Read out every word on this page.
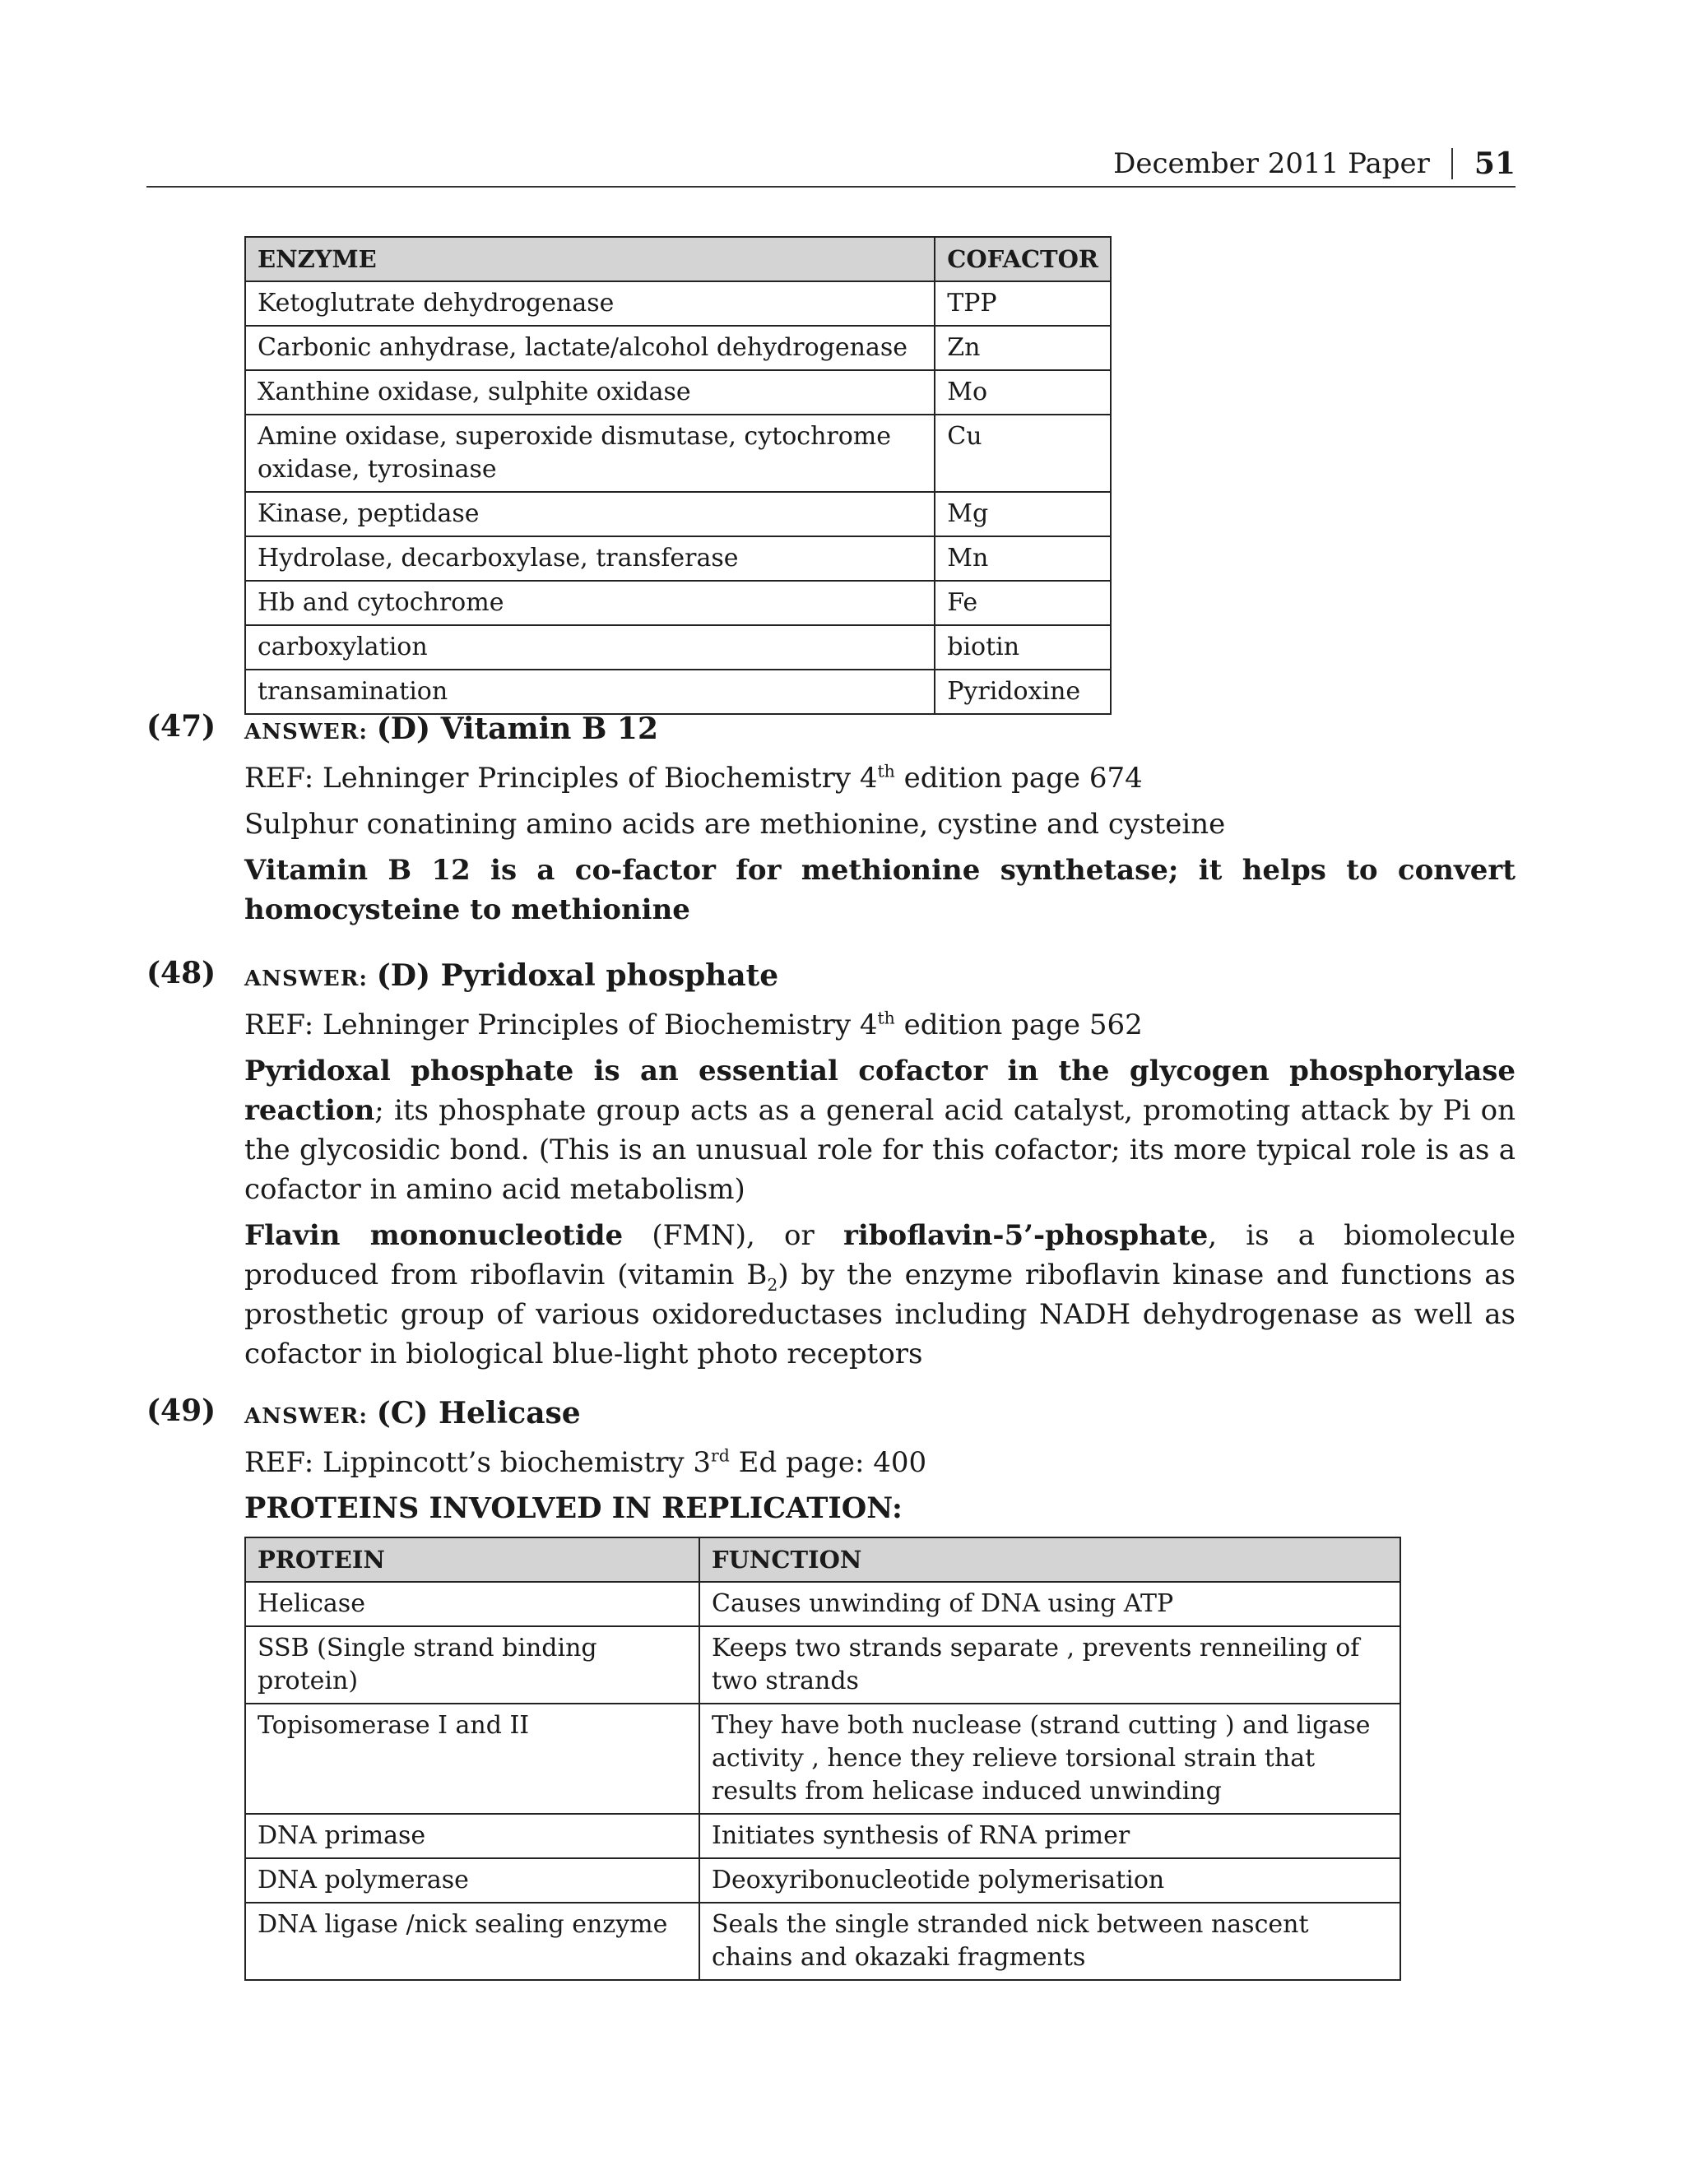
December 2011 Paper 51
ENZYME	COFACTOR
Ketoglutrate dehydrogenase	TPP
Carbonic anhydrase, lactate/alcohol dehydrogenase	Zn
Xanthine oxidase, sulphite oxidase	Mo
Amine oxidase, superoxide dismutase, cytochrome oxidase, tyrosinase	Cu
Kinase, peptidase	Mg
Hydrolase, decarboxylase, transferase	Mn
Hb and cytochrome	Fe
carboxylation	biotin
transamination	Pyridoxine
(47) ANSWER: (D) Vitamin B 12

REF: Lehninger Principles of Biochemistry 4th edition page 674

Sulphur conatining amino acids are methionine, cystine and cysteine

Vitamin B 12 is a co-factor for methionine synthetase; it helps to convert homocysteine to methionine

(48) ANSWER: (D) Pyridoxal phosphate

REF: Lehninger Principles of Biochemistry 4th edition page 562

Pyridoxal phosphate is an essential cofactor in the glycogen phosphorylase reaction; its phosphate group acts as a general acid catalyst, promoting attack by Pi on the glycosidic bond. (This is an unusual role for this cofactor; its more typical role is as a cofactor in amino acid metabolism)

Flavin mononucleotide (FMN), or riboflavin-5’-phosphate, is a biomolecule produced from riboflavin (vitamin $B_2$) by the enzyme riboflavin kinase and functions as prosthetic group of various oxidoreductases including NADH dehydrogenase as well as cofactor in biological blue-light photo receptors

(49) ANSWER: (C) Helicase

REF: Lippincott’s biochemistry 3rd Ed page: 400

PROTEINS INVOLVED IN REPLICATION:

PROTEIN	FUNCTION
Helicase	Causes unwinding of DNA using ATP
SSB (Single strand binding protein)	Keeps two strands separate , prevents renneiling of two strands
Topisomerase I and II	They have both nuclease (strand cutting ) and ligase activity , hence they relieve torsional strain that results from helicase induced unwinding
DNA primase	Initiates synthesis of RNA primer
DNA polymerase	Deoxyribonucleotide polymerisation
DNA ligase /nick sealing enzyme	Seals the single stranded nick between nascent chains and okazaki fragments
